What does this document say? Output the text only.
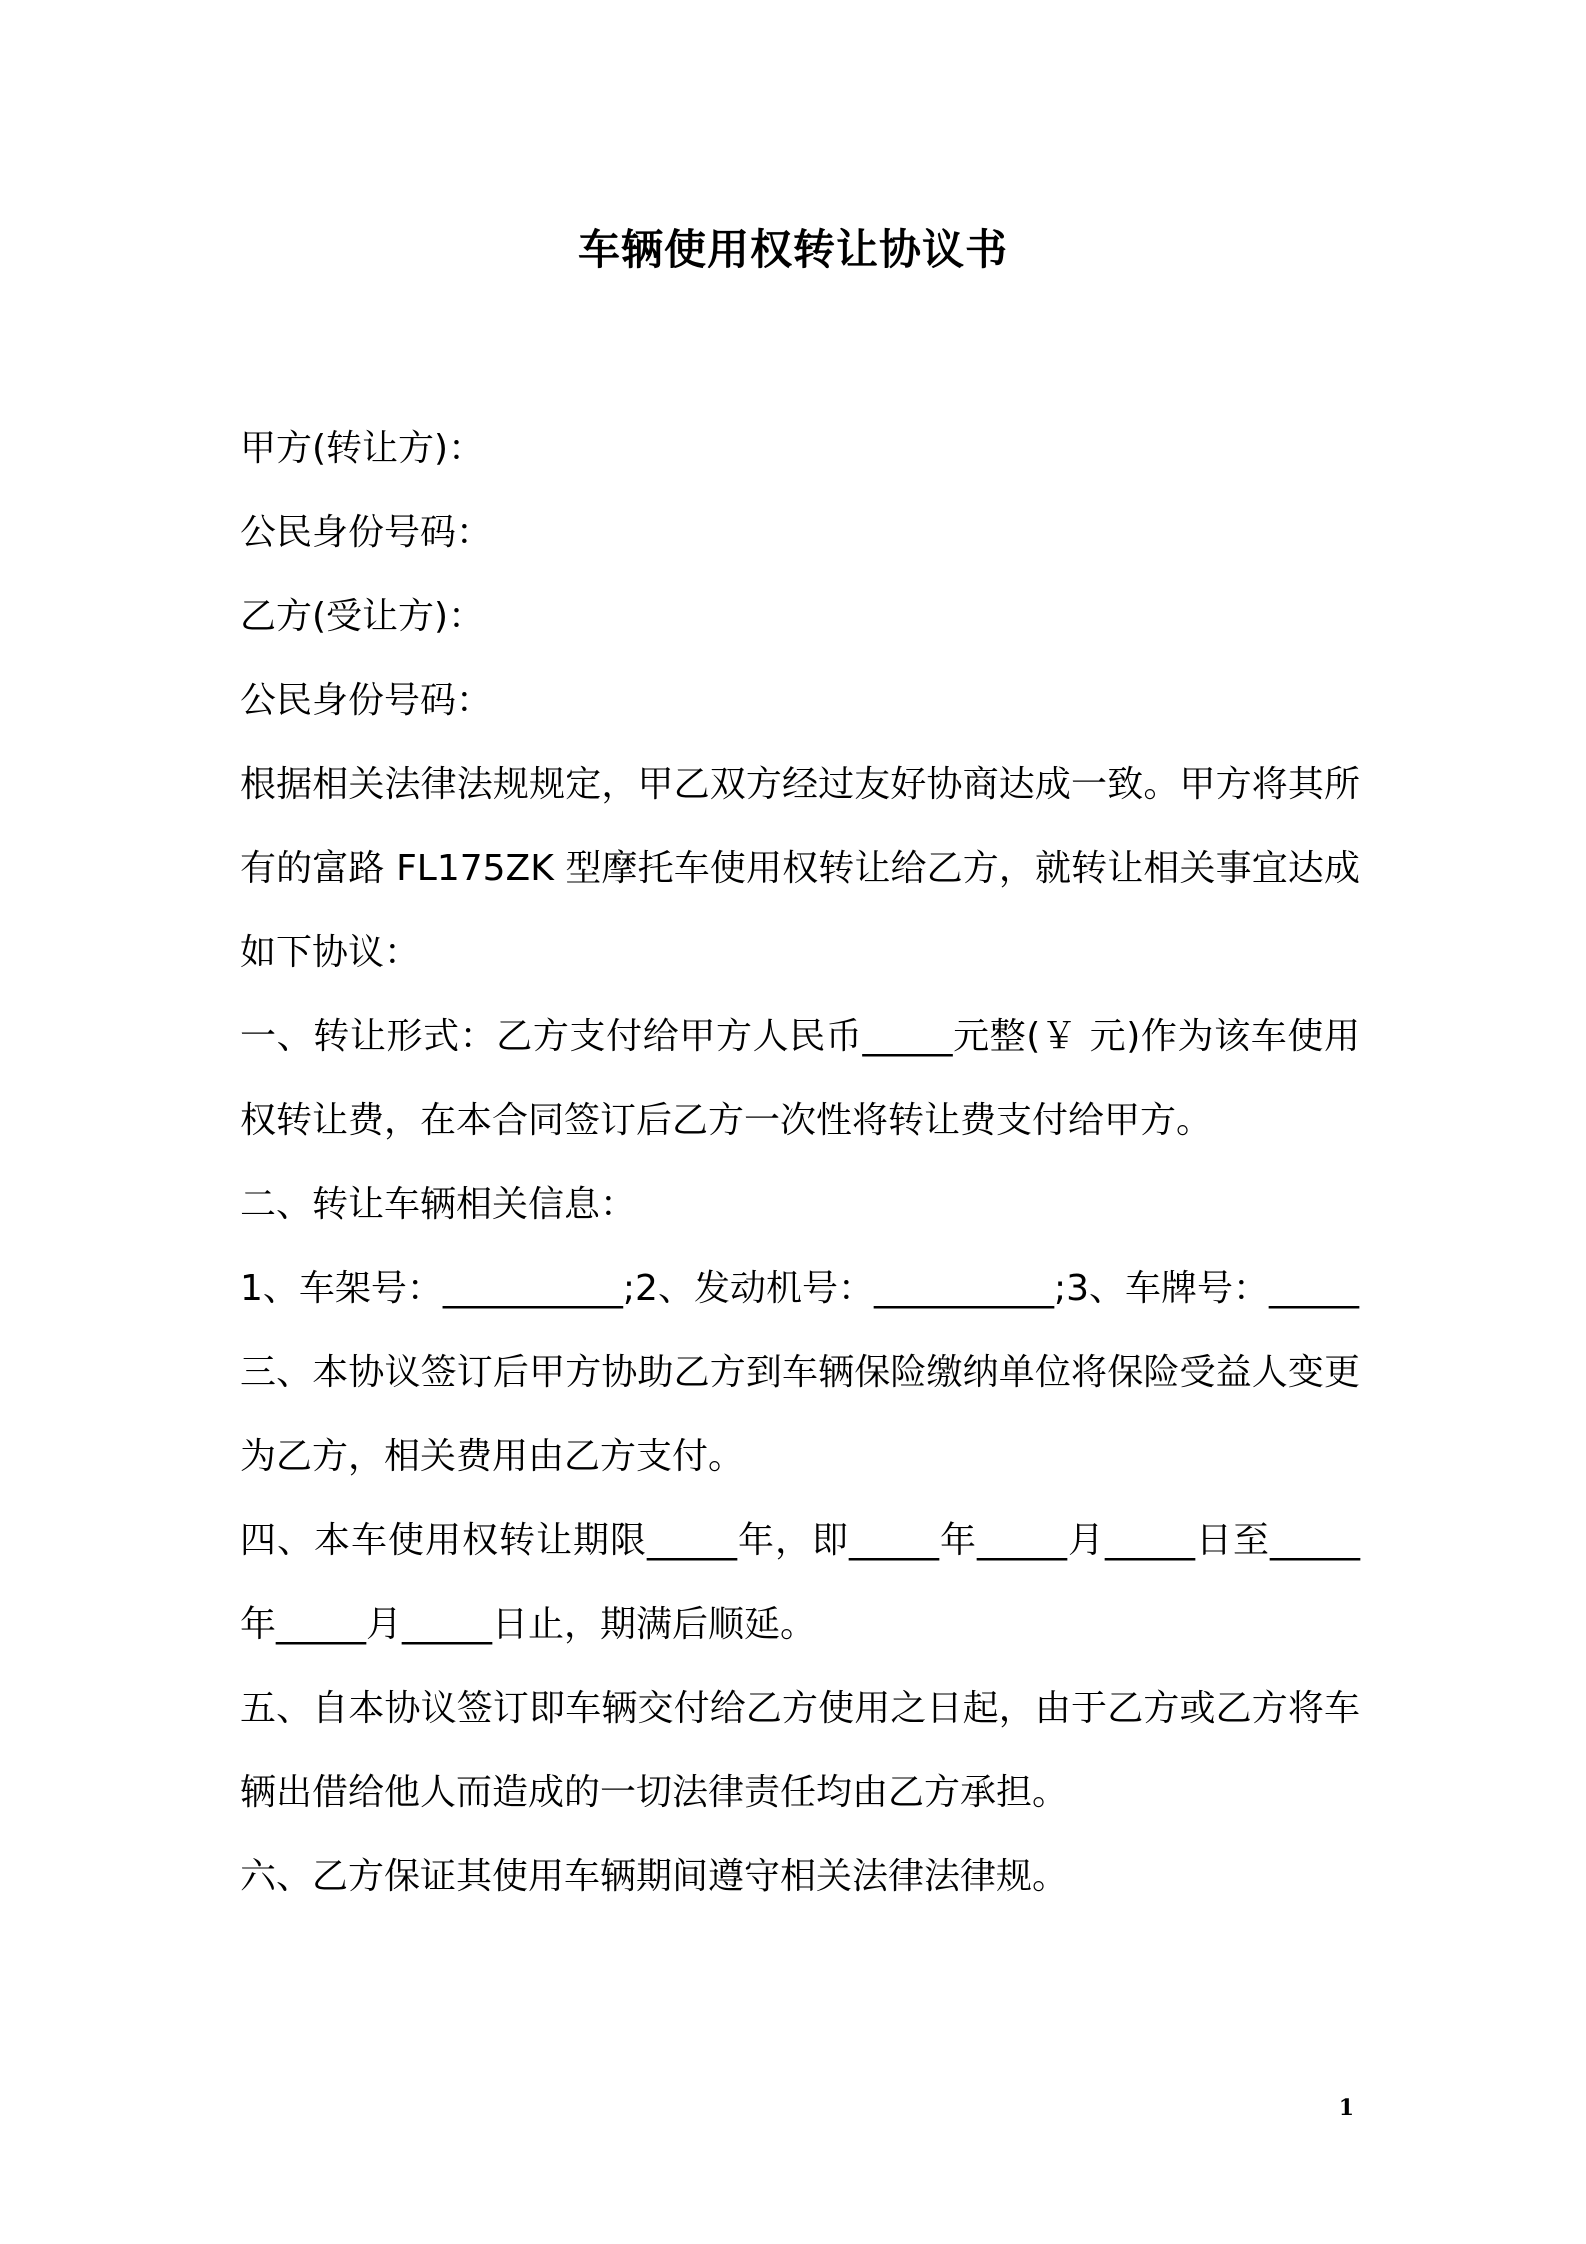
车辆使用权转让协议书

甲方(转让方)：

公民身份号码：

乙方(受让方)：

公民身份号码：

根据相关法律法规规定，甲乙双方经过友好协商达成一致。甲方将其所有的富路 FL175ZK 型摩托车使用权转让给乙方，就转让相关事宜达成如下协议：

一、转让形式：乙方支付给甲方人民币_____元整(￥ 元)作为该车使用权转让费，在本合同签订后乙方一次性将转让费支付给甲方。

二、转让车辆相关信息：

1、车架号：__________;2、发动机号：__________;3、车牌号：_____

三、本协议签订后甲方协助乙方到车辆保险缴纳单位将保险受益人变更为乙方，相关费用由乙方支付。

四、本车使用权转让期限_____年，即_____年_____月_____日至_____年_____月_____日止，期满后顺延。

五、自本协议签订即车辆交付给乙方使用之日起，由于乙方或乙方将车辆出借给他人而造成的一切法律责任均由乙方承担。

六、乙方保证其使用车辆期间遵守相关法律法律规。

1
